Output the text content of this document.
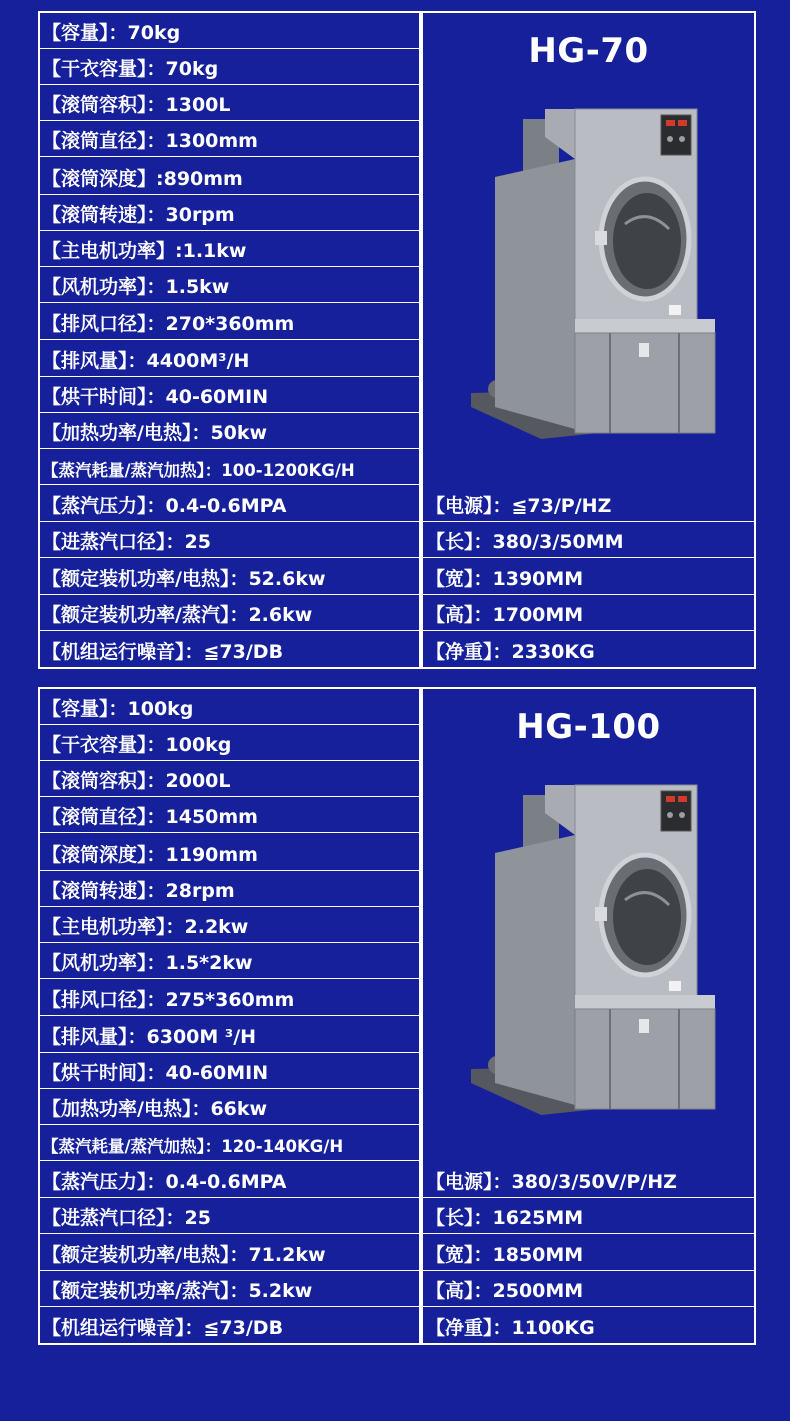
【容量】：70kg
【干衣容量】：70kg
【滚筒容积】：1300L
【滚筒直径】：1300mm
【滚筒深度】:890mm
【滚筒转速】：30rpm
【主电机功率】:1.1kw
【风机功率】：1.5kw
【排风口径】：270*360mm
【排风量】：4400M³/H
【烘干时间】：40-60MIN
【加热功率/电热】：50kw
【蒸汽耗量/蒸汽加热】：100-1200KG/H
【蒸汽压力】：0.4-0.6MPA
【进蒸汽口径】：25
【额定装机功率/电热】：52.6kw
【额定装机功率/蒸汽】：2.6kw
【机组运行噪音】：≦73/DB
HG-70
【电源】：≦73/P/HZ
【长】：380/3/50MM
【宽】：1390MM
【高】：1700MM
【净重】：2330KG
【容量】：100kg
【干衣容量】：100kg
【滚筒容积】：2000L
【滚筒直径】：1450mm
【滚筒深度】：1190mm
【滚筒转速】：28rpm
【主电机功率】：2.2kw
【风机功率】：1.5*2kw
【排风口径】：275*360mm
【排风量】：6300M ³/H
【烘干时间】：40-60MIN
【加热功率/电热】：66kw
【蒸汽耗量/蒸汽加热】：120-140KG/H
【蒸汽压力】：0.4-0.6MPA
【进蒸汽口径】：25
【额定装机功率/电热】：71.2kw
【额定装机功率/蒸汽】：5.2kw
【机组运行噪音】：≦73/DB
HG-100
【电源】：380/3/50V/P/HZ
【长】：1625MM
【宽】：1850MM
【高】：2500MM
【净重】：1100KG
